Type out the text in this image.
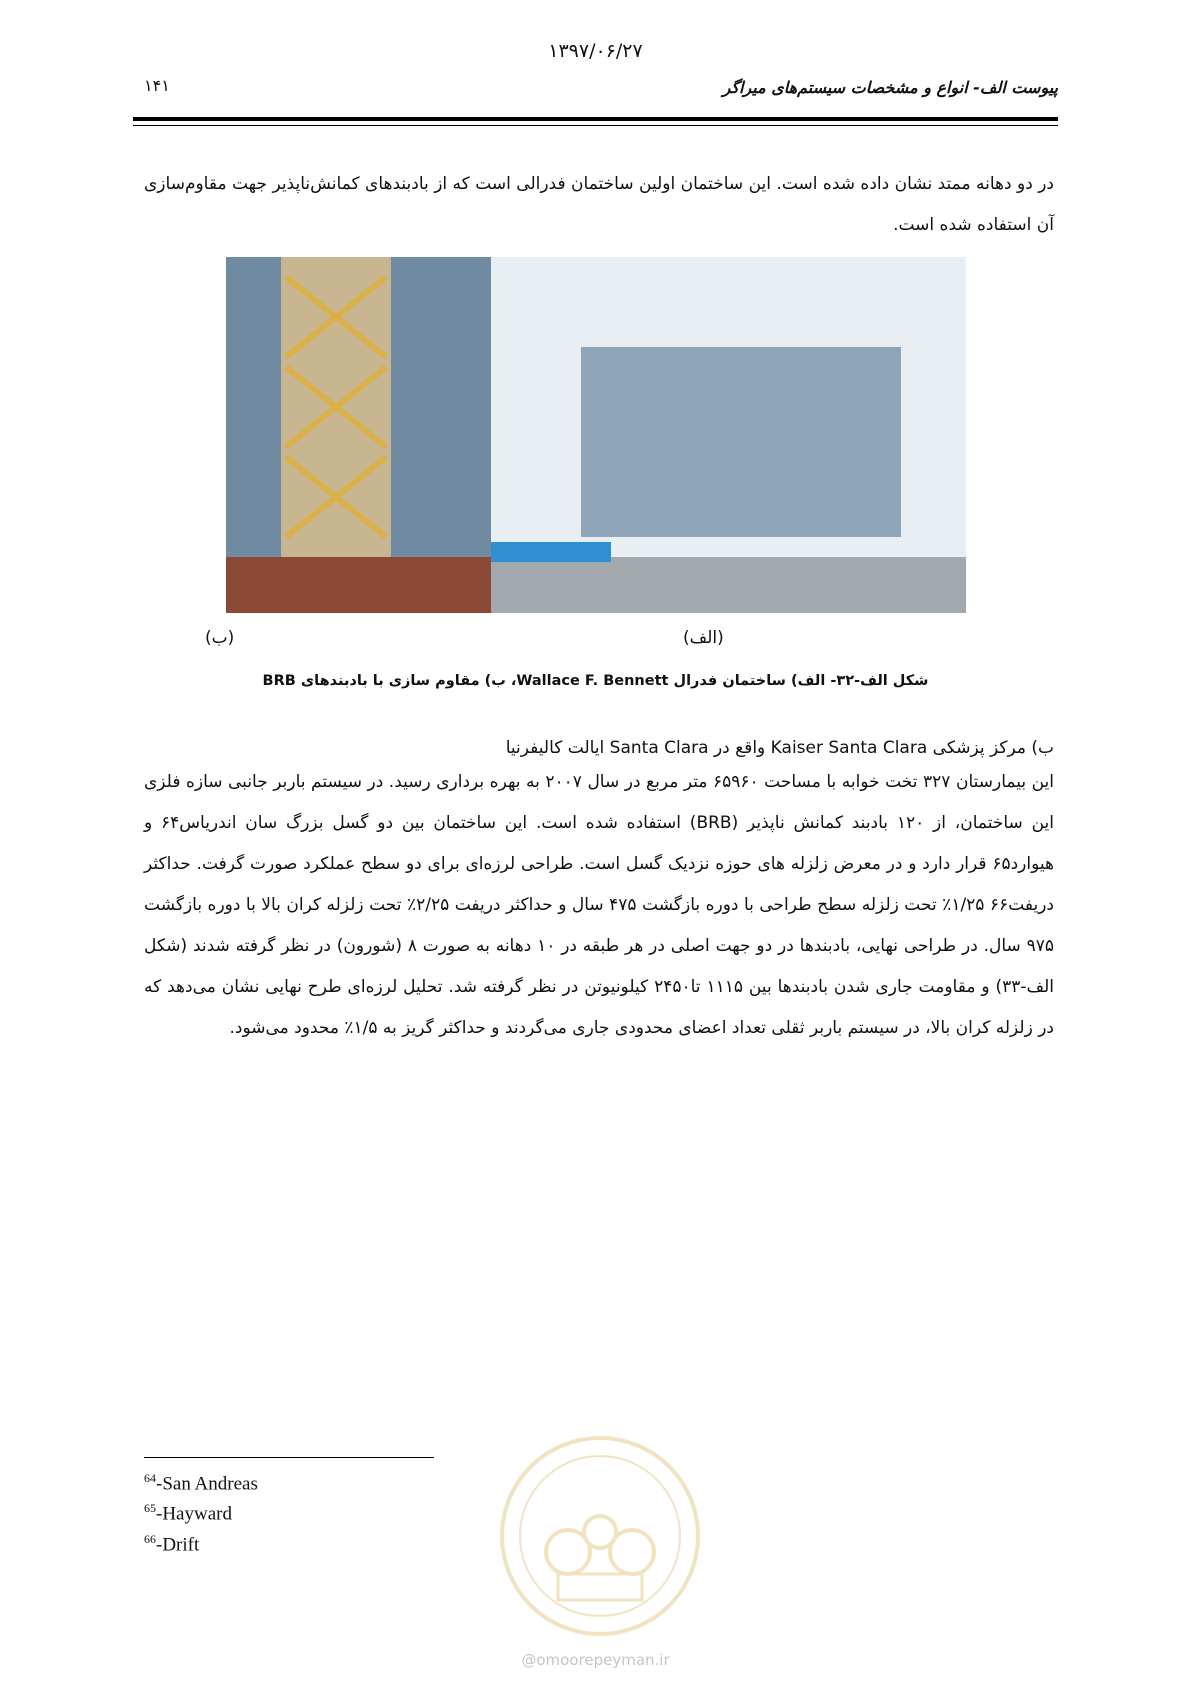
۱۳۹۷/۰۶/۲۷
۱۴۱	پیوست الف- انواع و مشخصات سیستم‌های میراگر
در دو دهانه ممتد نشان داده شده است. این ساختمان اولین ساختمان فدرالی است که از بادبندهای کمانش‌ناپذیر جهت مقاوم‌سازی آن استفاده شده است.
(ب)	(الف)
شکل الف-۳۲- الف) ساختمان فدرال Wallace F. Bennett، ب) مقاوم سازی با بادبندهای BRB
ب) مرکز پزشکی Kaiser Santa Clara واقع در Santa Clara ایالت کالیفرنیا
این بیمارستان ۳۲۷ تخت خوابه با مساحت ۶۵۹۶۰ متر مربع در سال ۲۰۰۷ به بهره برداری رسید. در سیستم باربر جانبی سازه فلزی این ساختمان، از ۱۲۰ بادبند کمانش ناپذیر (BRB) استفاده شده است. این ساختمان بین دو گسل بزرگ سان اندریاس۶۴ و هیوارد۶۵ قرار دارد و در معرض زلزله های حوزه نزدیک گسل است. طراحی لرزه‌ای برای دو سطح عملکرد صورت گرفت. حداکثر دریفت۶۶ ۱/۲۵٪ تحت زلزله سطح طراحی با دوره بازگشت ۴۷۵ سال و حداکثر دریفت ۲/۲۵٪ تحت زلزله کران بالا با دوره بازگشت ۹۷۵ سال. در طراحی نهایی، بادبندها در دو جهت اصلی در هر طبقه در ۱۰ دهانه به صورت ۸ (شورون) در نظر گرفته شدند (شکل الف-۳۳) و مقاومت جاری شدن بادبندها بین ۱۱۱۵ تا۲۴۵۰ کیلونیوتن در نظر گرفته شد. تحلیل لرزه‌ای طرح نهایی نشان می‌دهد که در زلزله کران بالا، در سیستم باربر ثقلی تعداد اعضای محدودی جاری می‌گردند و حداکثر گریز به ۱/۵٪ محدود می‌شود.
$^{64}$-San Andreas
$^{65}$-Hayward
$^{66}$-Drift
@omoorepeyman.ir
